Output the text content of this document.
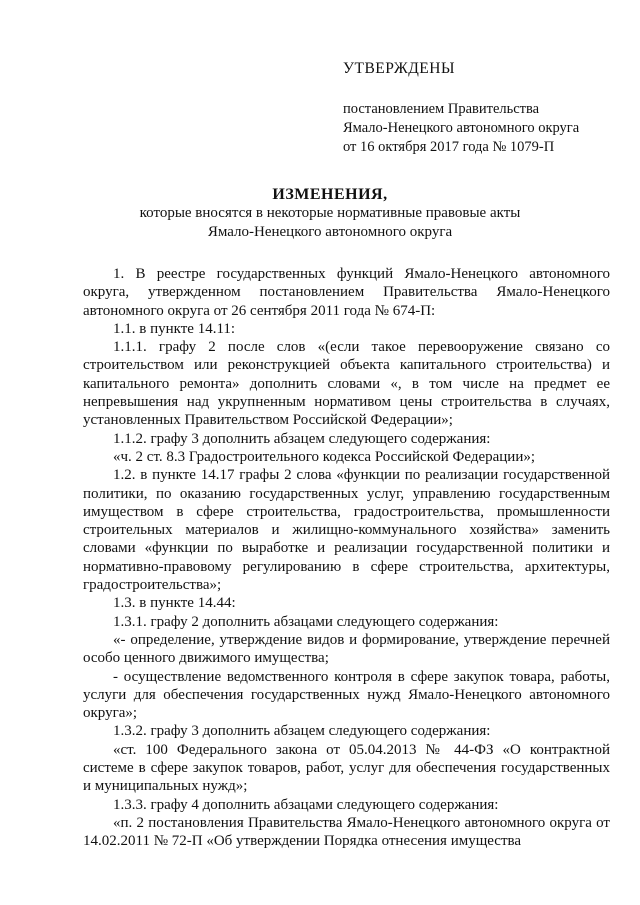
УТВЕРЖДЕНЫ
постановлением Правительства
Ямало-Ненецкого автономного округа
от 16 октября 2017 года № 1079-П
ИЗМЕНЕНИЯ,
которые вносятся в некоторые нормативные правовые акты
Ямало-Ненецкого автономного округа

1. В реестре государственных функций Ямало-Ненецкого автономного округа, утвержденном постановлением Правительства Ямало-Ненецкого автономного округа от 26 сентября 2011 года № 674-П:

1.1. в пункте 14.11:

1.1.1. графу 2 после слов «(если такое перевооружение связано со строительством или реконструкцией объекта капитального строительства) и капитального ремонта» дополнить словами «, в том числе на предмет ее непревышения над укрупненным нормативом цены строительства в случаях, установленных Правительством Российской Федерации»;

1.1.2. графу 3 дополнить абзацем следующего содержания:

«ч. 2 ст. 8.3 Градостроительного кодекса Российской Федерации»;

1.2. в пункте 14.17 графы 2 слова «функции по реализации государственной политики, по оказанию государственных услуг, управлению государственным имуществом в сфере строительства, градостроительства, промышленности строительных материалов и жилищно-коммунального хозяйства» заменить словами «функции по выработке и реализации государственной политики и нормативно-правовому регулированию в сфере строительства, архитектуры, градостроительства»;

1.3. в пункте 14.44:

1.3.1. графу 2 дополнить абзацами следующего содержания:

«- определение, утверждение видов и формирование, утверждение перечней особо ценного движимого имущества;

- осуществление ведомственного контроля в сфере закупок товара, работы, услуги для обеспечения государственных нужд Ямало-Ненецкого автономного округа»;

1.3.2. графу 3 дополнить абзацем следующего содержания:

«ст. 100 Федерального закона от 05.04.2013 № 44-ФЗ «О контрактной системе в сфере закупок товаров, работ, услуг для обеспечения государственных и муниципальных нужд»;

1.3.3. графу 4 дополнить абзацами следующего содержания:

«п. 2 постановления Правительства Ямало-Ненецкого автономного округа от 14.02.2011 № 72-П «Об утверждении Порядка отнесения имущества
